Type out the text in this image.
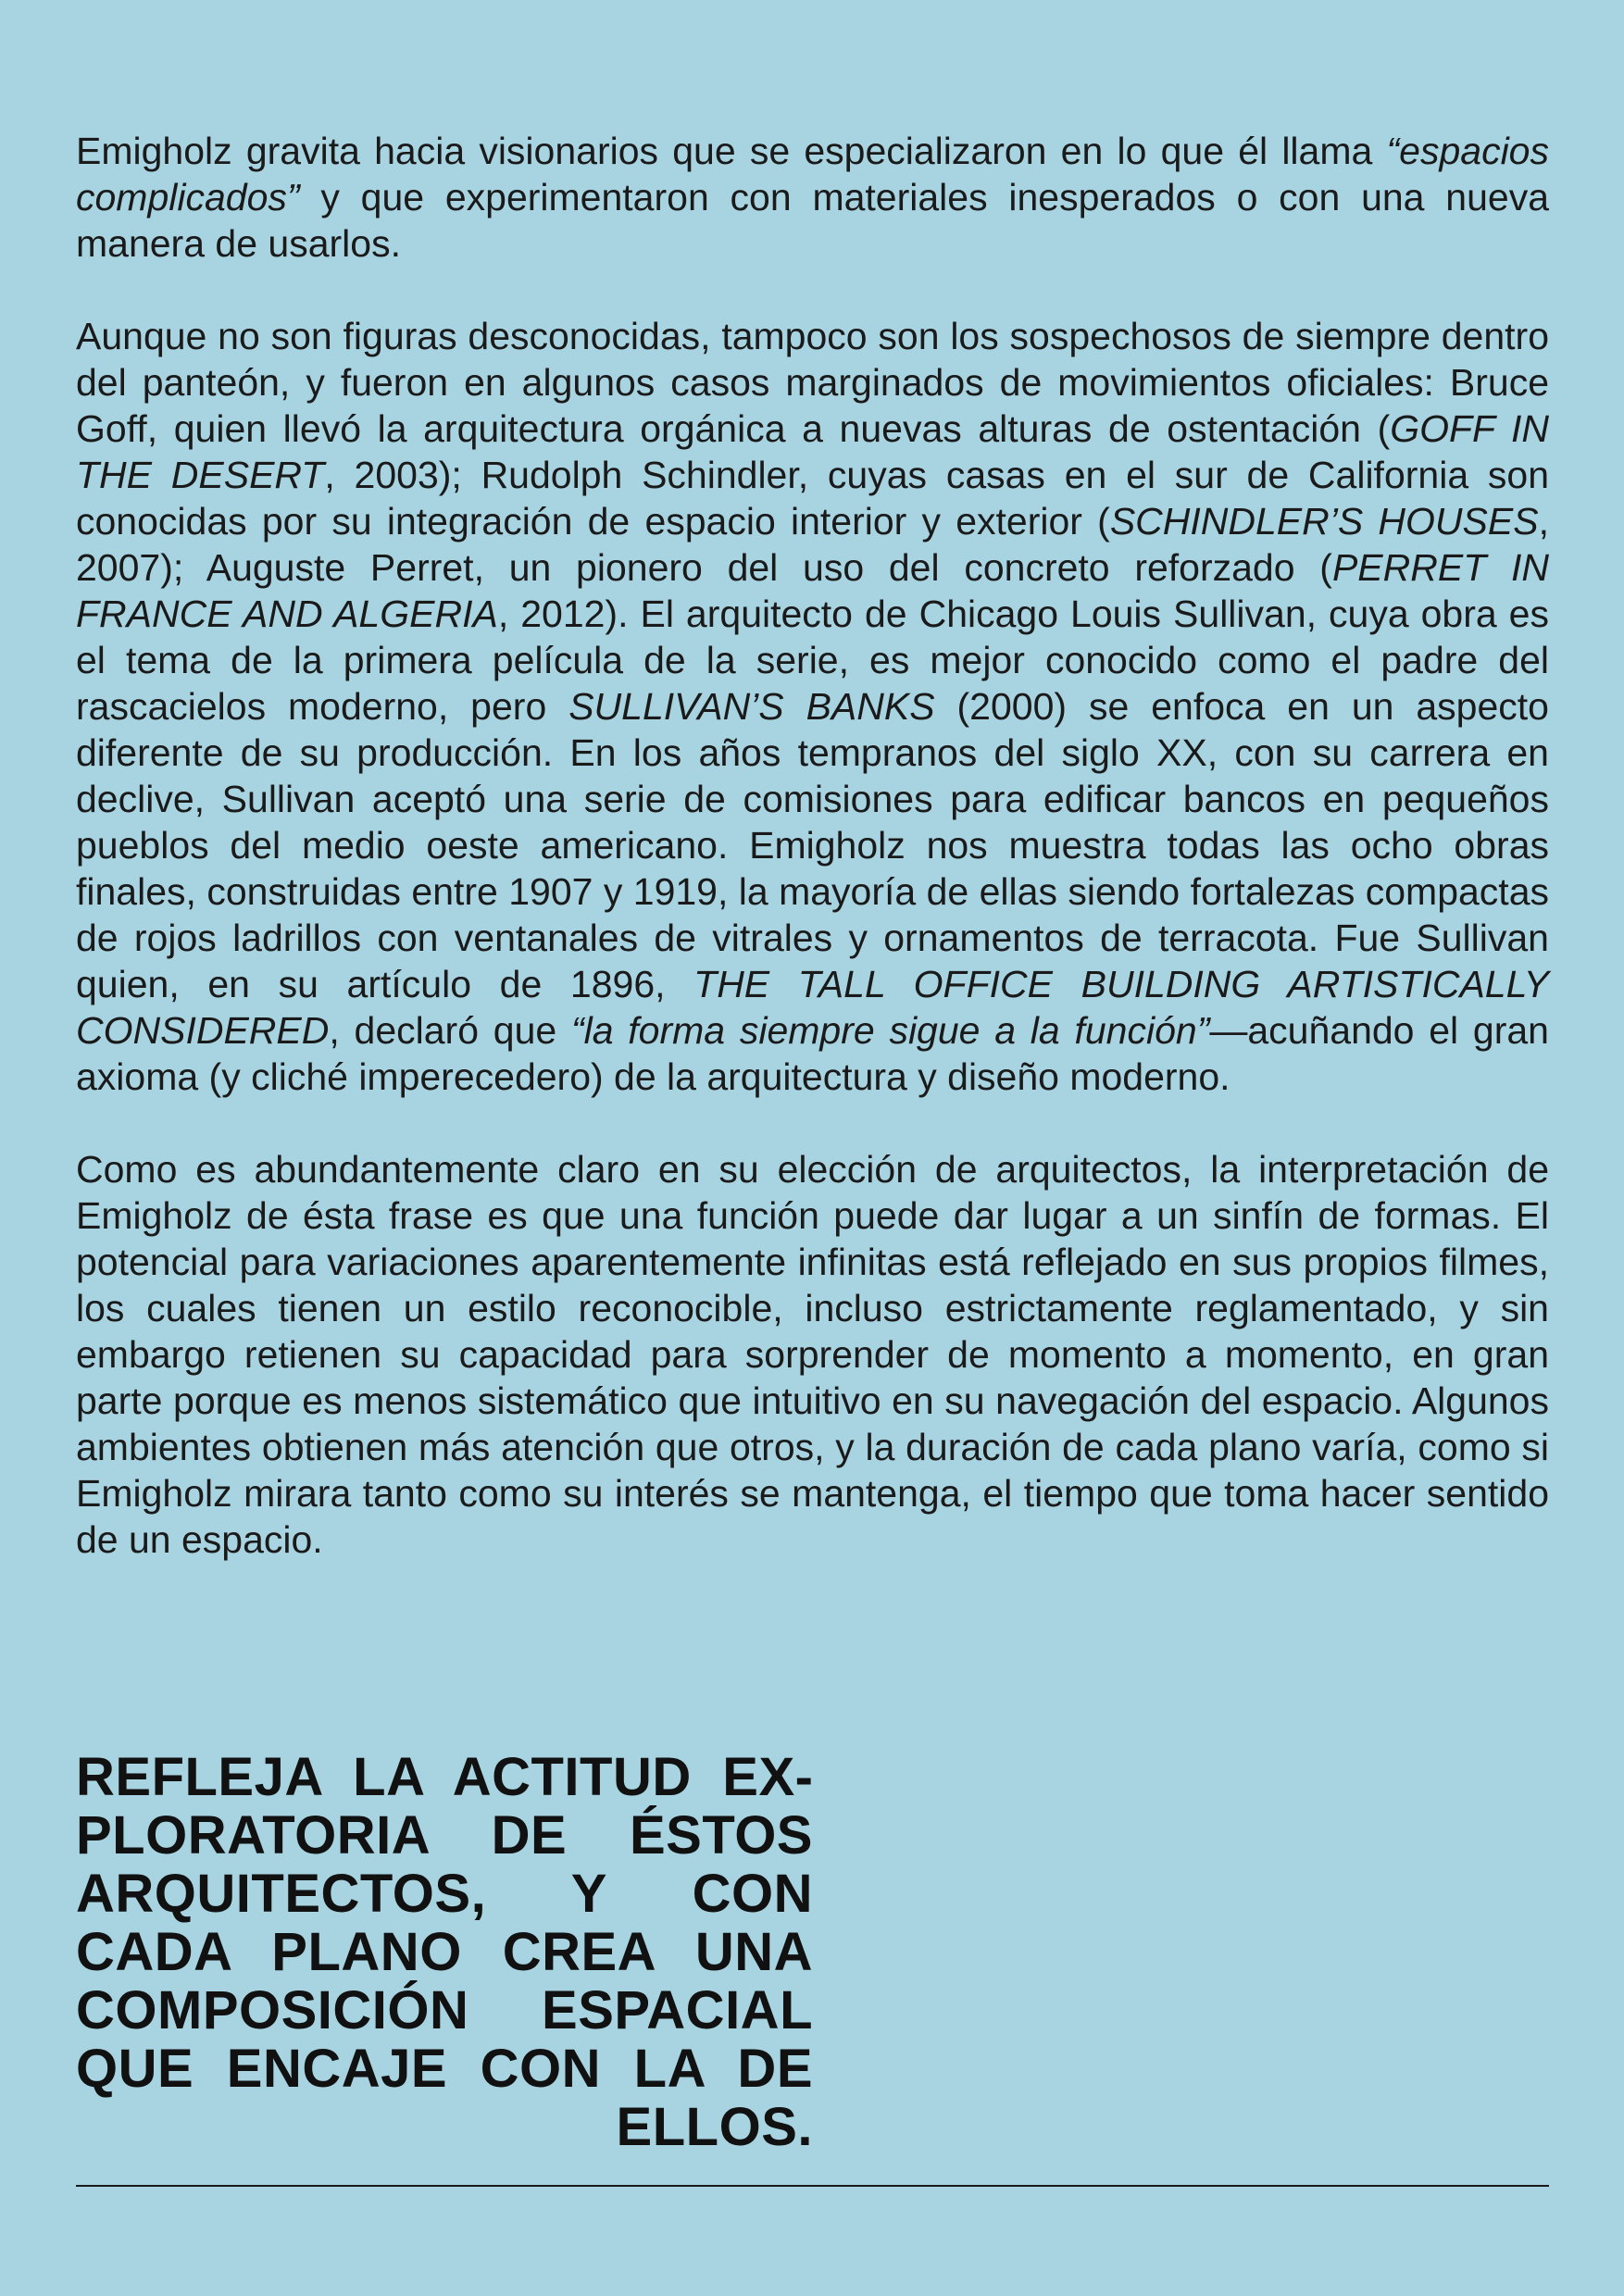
Emigholz gravita hacia visionarios que se especializaron en lo que él llama “espacios complicados” y que experimentaron con materiales inesperados o con una nueva manera de usarlos.

Aunque no son figuras desconocidas, tampoco son los sospechosos de siempre dentro del panteón, y fueron en algunos casos marginados de movimientos oficiales: Bruce Goff, quien llevó la arquitectura orgánica a nuevas alturas de ostentación (GOFF IN THE DESERT, 2003); Rudolph Schindler, cuyas casas en el sur de California son conocidas por su integración de espacio interior y exterior (SCHINDLER’S HOUSES, 2007); Auguste Perret, un pionero del uso del concreto reforzado (PERRET IN FRANCE AND ALGERIA, 2012). El arquitecto de Chicago Louis Sullivan, cuya obra es el tema de la primera película de la serie, es mejor conocido como el padre del rascacielos moderno, pero SULLIVAN’S BANKS (2000) se enfoca en un aspecto diferente de su producción. En los años tempranos del siglo XX, con su carrera en declive, Sullivan aceptó una serie de comisiones para edificar bancos en pequeños pueblos del medio oeste americano. Emigholz nos muestra todas las ocho obras finales, construidas entre 1907 y 1919, la mayoría de ellas siendo fortalezas compactas de rojos ladrillos con ventanales de vitrales y ornamentos de terracota. Fue Sullivan quien, en su artículo de 1896, THE TALL OFFICE BUILDING ARTISTICALLY CONSIDERED, declaró que “la forma siempre sigue a la función”—acuñando el gran axioma (y cliché imperecedero) de la arquitectura y diseño moderno.

Como es abundantemente claro en su elección de arquitectos, la interpretación de Emigholz de ésta frase es que una función puede dar lugar a un sinfín de formas. El potencial para variaciones aparentemente infinitas está reflejado en sus propios filmes, los cuales tienen un estilo reconocible, incluso estrictamente reglamentado, y sin embargo retienen su capacidad para sorprender de momento a momento, en gran parte porque es menos sistemático que intuitivo en su navegación del espacio. Algunos ambientes obtienen más atención que otros, y la duración de cada plano varía, como si Emigholz mirara tanto como su interés se mantenga, el tiempo que toma hacer sentido de un espacio.

REFLEJA LA ACTITUD EXPLORATORIA DE ÉSTOS ARQUITECTOS, Y CON CADA PLANO CREA UNA COMPOSICIÓN ESPACIAL QUE ENCAJE CON LA DE ELLOS.
